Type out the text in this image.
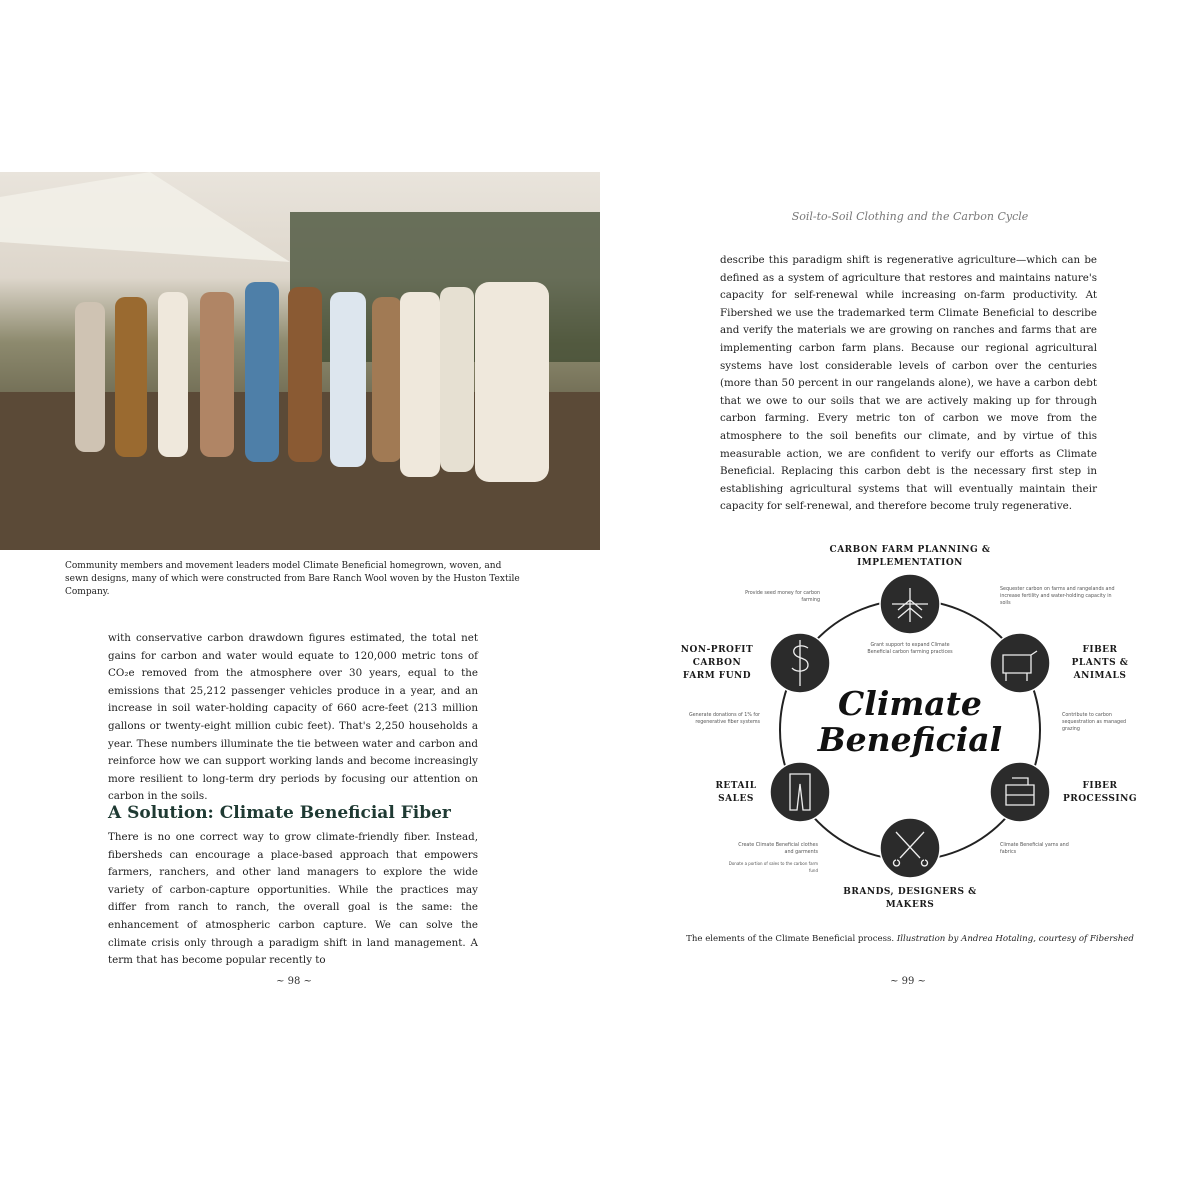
Community members and movement leaders model Climate Beneficial homegrown, woven, and sewn designs, many of which were constructed from Bare Ranch Wool woven by the Huston Textile Company.
with conservative carbon drawdown figures estimated, the total net gains for carbon and water would equate to 120,000 metric tons of CO₂e removed from the atmosphere over 30 years, equal to the emissions that 25,212 passenger vehicles produce in a year, and an increase in soil water-holding capacity of 660 acre-feet (213 million gallons or twenty-eight million cubic feet). That's 2,250 households a year. These numbers illuminate the tie between water and carbon and reinforce how we can support working lands and become increasingly more resilient to long-term dry periods by focusing our attention on carbon in the soils.
A Solution: Climate Beneficial Fiber
There is no one correct way to grow climate-friendly fiber. Instead, fibersheds can encourage a place-based approach that empowers farmers, ranchers, and other land managers to explore the wide variety of carbon-capture opportunities. While the practices may differ from ranch to ranch, the overall goal is the same: the enhancement of atmospheric carbon capture. We can solve the climate crisis only through a paradigm shift in land management. A term that has become popular recently to
~ 98 ~
Soil-to-Soil Clothing and the Carbon Cycle
describe this paradigm shift is regenerative agriculture—which can be defined as a system of agriculture that restores and maintains nature's capacity for self-renewal while increasing on-farm productivity. At Fibershed we use the trademarked term Climate Beneficial to describe and verify the materials we are growing on ranches and farms that are implementing carbon farm plans. Because our regional agricultural systems have lost considerable levels of carbon over the centuries (more than 50 percent in our rangelands alone), we have a carbon debt that we owe to our soils that we are actively making up for through carbon farming. Every metric ton of carbon we move from the atmosphere to the soil benefits our climate, and by virtue of this measurable action, we are confident to verify our efforts as Climate Beneficial. Replacing this carbon debt is the necessary first step in establishing agricultural systems that will eventually maintain their capacity for self-renewal, and therefore become truly regenerative.
Climate
Beneficial
CARBON FARM PLANNING & IMPLEMENTATION
FIBER PLANTS & ANIMALS
FIBER PROCESSING
BRANDS, DESIGNERS & MAKERS
RETAIL SALES
NON-PROFIT CARBON FARM FUND
Provide seed money for carbon farming
Sequester carbon on farms and rangelands and increase fertility and water-holding capacity in soils
Contribute to carbon sequestration as managed grazing
Climate Beneficial yarns and fabrics
Create Climate Beneficial clothes and garments
Donate a portion of sales to the carbon farm fund
Generate donations of 1% for regenerative fiber systems
Grant support to expand Climate Beneficial carbon farming practices
The elements of the Climate Beneficial process. Illustration by Andrea Hotaling, courtesy of Fibershed
~ 99 ~
